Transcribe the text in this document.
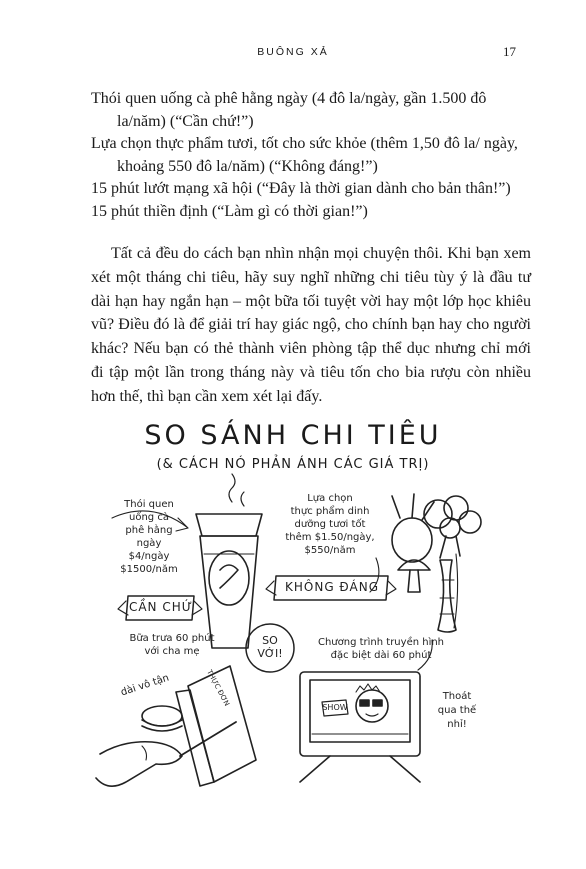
BUÔNG XẢ	17

Thói quen uống cà phê hằng ngày (4 đô la/ngày, gần 1.500 đô la/năm) (“Cần chứ!”)

Lựa chọn thực phẩm tươi, tốt cho sức khỏe (thêm 1,50 đô la/ ngày, khoảng 550 đô la/năm) (“Không đáng!”)

15 phút lướt mạng xã hội (“Đây là thời gian dành cho bản thân!”)

15 phút thiền định (“Làm gì có thời gian!”)

Tất cả đều do cách bạn nhìn nhận mọi chuyện thôi. Khi bạn xem xét một tháng chi tiêu, hãy suy nghĩ những chi tiêu tùy ý là đầu tư dài hạn hay ngắn hạn – một bữa tối tuyệt vời hay một lớp học khiêu vũ? Điều đó là để giải trí hay giác ngộ, cho chính bạn hay cho người khác? Nếu bạn có thẻ thành viên phòng tập thể dục nhưng chỉ mới đi tập một lần trong tháng này và tiêu tốn cho bia rượu còn nhiều hơn thế, thì bạn cần xem xét lại đấy.

SO SÁNH CHI TIÊU
(& CÁCH NÓ PHẢN ÁNH CÁC GIÁ TRỊ)
Thói quen
uống cà
phê hằng
ngày
$4/ngày
$1500/năm
CẦN CHỨ
Lựa chọn
thực phẩm dinh
dưỡng tươi tốt
thêm $1.50/ngày,
$550/năm
KHÔNG ĐÁNG
Bữa trưa 60 phút
với cha mẹ
SO
VỚI!
Chương trình truyền hình
đặc biệt dài 60 phút
dài vô tận	THỰC ĐƠN
SHOW
Thoát
qua thế
nhỉ!
